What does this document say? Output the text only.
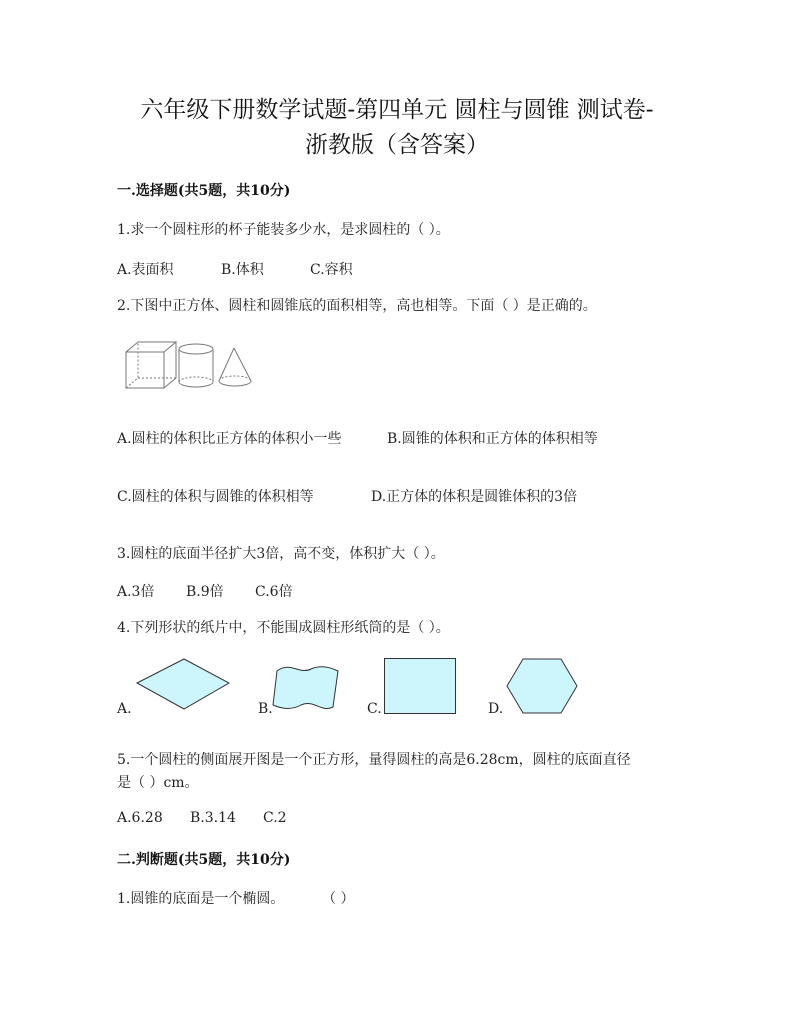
六年级下册数学试题-第四单元 圆柱与圆锥 测试卷-
浙教版（含答案）
一.选择题(共5题，共10分)
1.求一个圆柱形的杯子能装多少水，是求圆柱的（ ）。
A.表面积	B.体积	C.容积
2.下图中正方体、圆柱和圆锥底的面积相等，高也相等。下面（ ）是正确的。
A.圆柱的体积比正方体的体积小一些	B.圆锥的体积和正方体的体积相等
C.圆柱的体积与圆锥的体积相等	D.正方体的体积是圆锥体积的3倍
3.圆柱的底面半径扩大3倍，高不变，体积扩大（ ）。
A.3倍 B.9倍 C.6倍
4.下列形状的纸片中，不能围成圆柱形纸筒的是（ ）。
A.	B.	C.	D.
5.一个圆柱的侧面展开图是一个正方形，量得圆柱的高是6.28cm，圆柱的底面直径
是（ ）cm。
A.6.28 B.3.14 C.2
二.判断题(共5题，共10分)
1.圆锥的底面是一个椭圆。	（ ）
